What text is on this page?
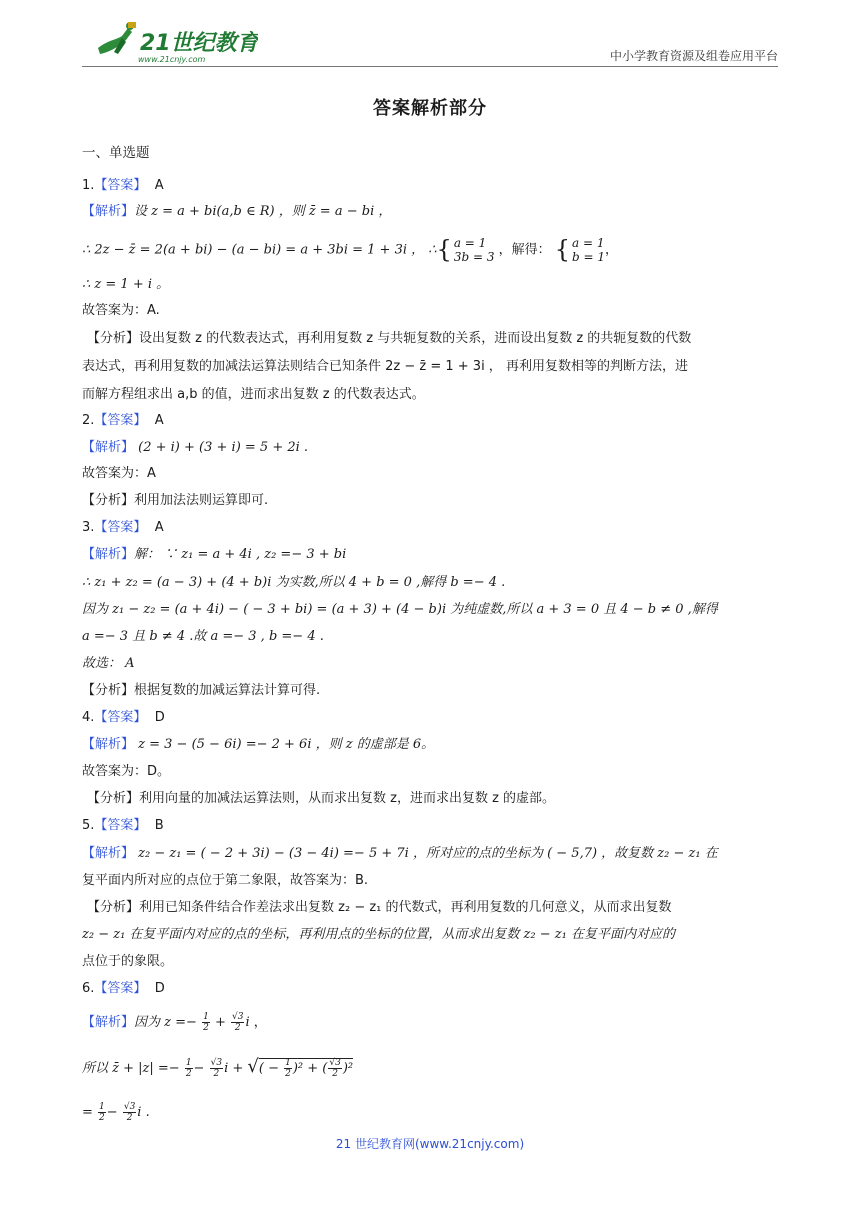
21世纪教育
www.21cnjy.com	中小学教育资源及组卷应用平台
答案解析部分
一、单选题
1.【答案】 A
【解析】设 z = a + bi(a,b ∈ R) ，则 z̄ = a − bi ，
∴ 2z − z̄ = 2(a + bi) − (a − bi) = a + 3bi = 1 + 3i ， ∴{ a = 1
3b = 3 ，解得： { a = 1
b = 1 ，
∴ z = 1 + i 。
故答案为：A.
【分析】设出复数 z 的代数表达式，再利用复数 z 与共轭复数的关系，进而设出复数 z 的共轭复数的代数
表达式，再利用复数的加减法运算法则结合已知条件 2z − z̄ = 1 + 3i ， 再利用复数相等的判断方法，进
而解方程组求出 a,b 的值，进而求出复数 z 的代数表达式。
2.【答案】 A
【解析】 (2 + i) + (3 + i) = 5 + 2i .
故答案为：A
【分析】利用加法法则运算即可.
3.【答案】 A
【解析】解： ∵ z₁ = a + 4i , z₂ =− 3 + bi
∴ z₁ + z₂ = (a − 3) + (4 + b)i 为实数,所以 4 + b = 0 ,解得 b =− 4 .
因为 z₁ − z₂ = (a + 4i) − ( − 3 + bi) = (a + 3) + (4 − b)i 为纯虚数,所以 a + 3 = 0 且 4 − b ≠ 0 ,解得
a =− 3 且 b ≠ 4 .故 a =− 3 , b =− 4 .
故选： A
【分析】根据复数的加减运算法计算可得.
4.【答案】 D
【解析】 z = 3 − (5 − 6i) =− 2 + 6i ，则 z 的虚部是 6。
故答案为：D。
【分析】利用向量的加减法运算法则，从而求出复数 z，进而求出复数 z 的虚部。
5.【答案】 B
【解析】 z₂ − z₁ = ( − 2 + 3i) − (3 − 4i) =− 5 + 7i ，所对应的点的坐标为 ( − 5,7) ，故复数 z₂ − z₁ 在
复平面内所对应的点位于第二象限，故答案为：B.
【分析】利用已知条件结合作差法求出复数 z₂ − z₁ 的代数式，再利用复数的几何意义，从而求出复数
z₂ − z₁ 在复平面内对应的点的坐标，再利用点的坐标的位置，从而求出复数 z₂ − z₁ 在复平面内对应的
点位于的象限。
6.【答案】 D
【解析】因为 $z =- \frac{1}{2} + \frac{√3}{2}$ i ，
所以 z̄ + $|z| =- \frac{1}{2} - \frac{√3}{2}$ i + √( − $\frac{1}{2} )^2$ + ( $\frac{√3}{2} )^2$
= $\frac{1}{2} - \frac{√3}{2}$ i .
21 世纪教育网(www.21cnjy.com)
